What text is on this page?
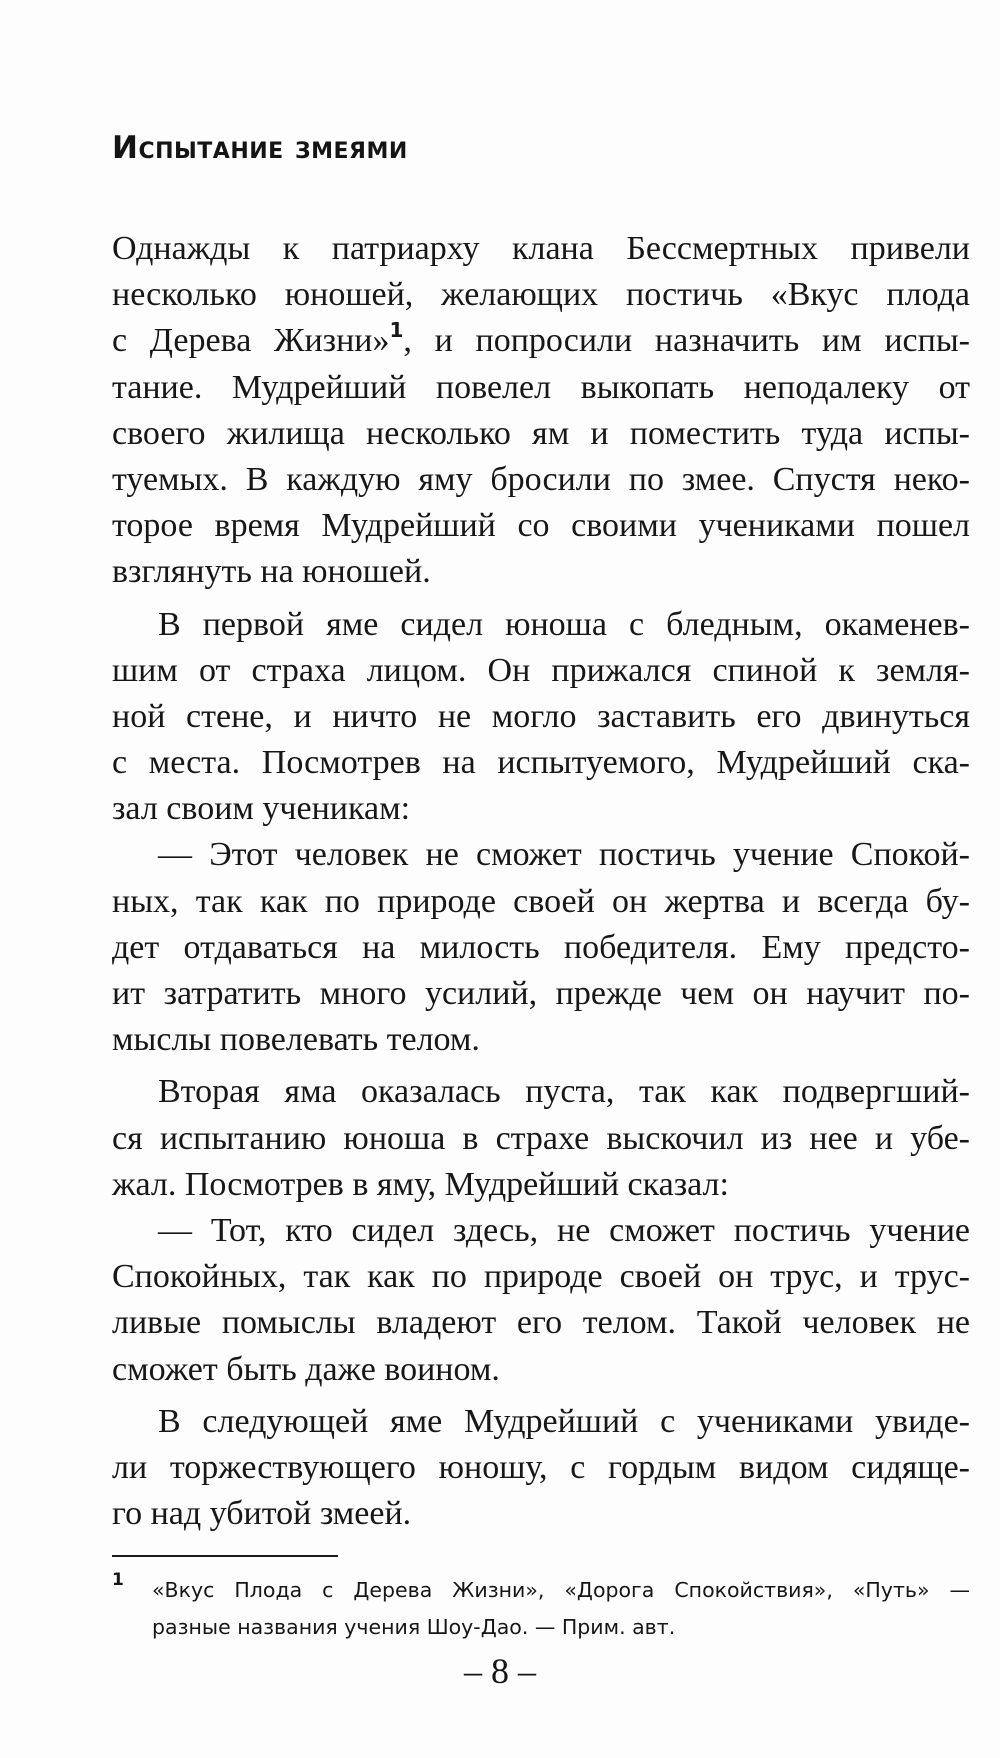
Испытание змеями
Однажды к патриарху клана Бессмертных привели
несколько юношей, желающих постичь «Вкус плода
с Дерева Жизни»$^1$, и попросили назначить им испы-
тание. Мудрейший повелел выкопать неподалеку от
своего жилища несколько ям и поместить туда испы-
туемых. В каждую яму бросили по змее. Спустя неко-
торое время Мудрейший со своими учениками пошел
взглянуть на юношей.
В первой яме сидел юноша с бледным, окаменев-
шим от страха лицом. Он прижался спиной к земля-
ной стене, и ничто не могло заставить его двинуться
с места. Посмотрев на испытуемого, Мудрейший ска-
зал своим ученикам:
— Этот человек не сможет постичь учение Спокой-
ных, так как по природе своей он жертва и всегда бу-
дет отдаваться на милость победителя. Ему предсто-
ит затратить много усилий, прежде чем он научит по-
мыслы повелевать телом.
Вторая яма оказалась пуста, так как подвергший-
ся испытанию юноша в страхе выскочил из нее и убе-
жал. Посмотрев в яму, Мудрейший сказал:
— Тот, кто сидел здесь, не сможет постичь учение
Спокойных, так как по природе своей он трус, и трус-
ливые помыслы владеют его телом. Такой человек не
сможет быть даже воином.
В следующей яме Мудрейший с учениками увиде-
ли торжествующего юношу, с гордым видом сидяще-
го над убитой змеей.
1 «Вкус Плода с Дерева Жизни», «Дорога Спокойствия», «Путь» —
разные названия учения Шоу-Дао. — Прим. авт.
– 8 –
